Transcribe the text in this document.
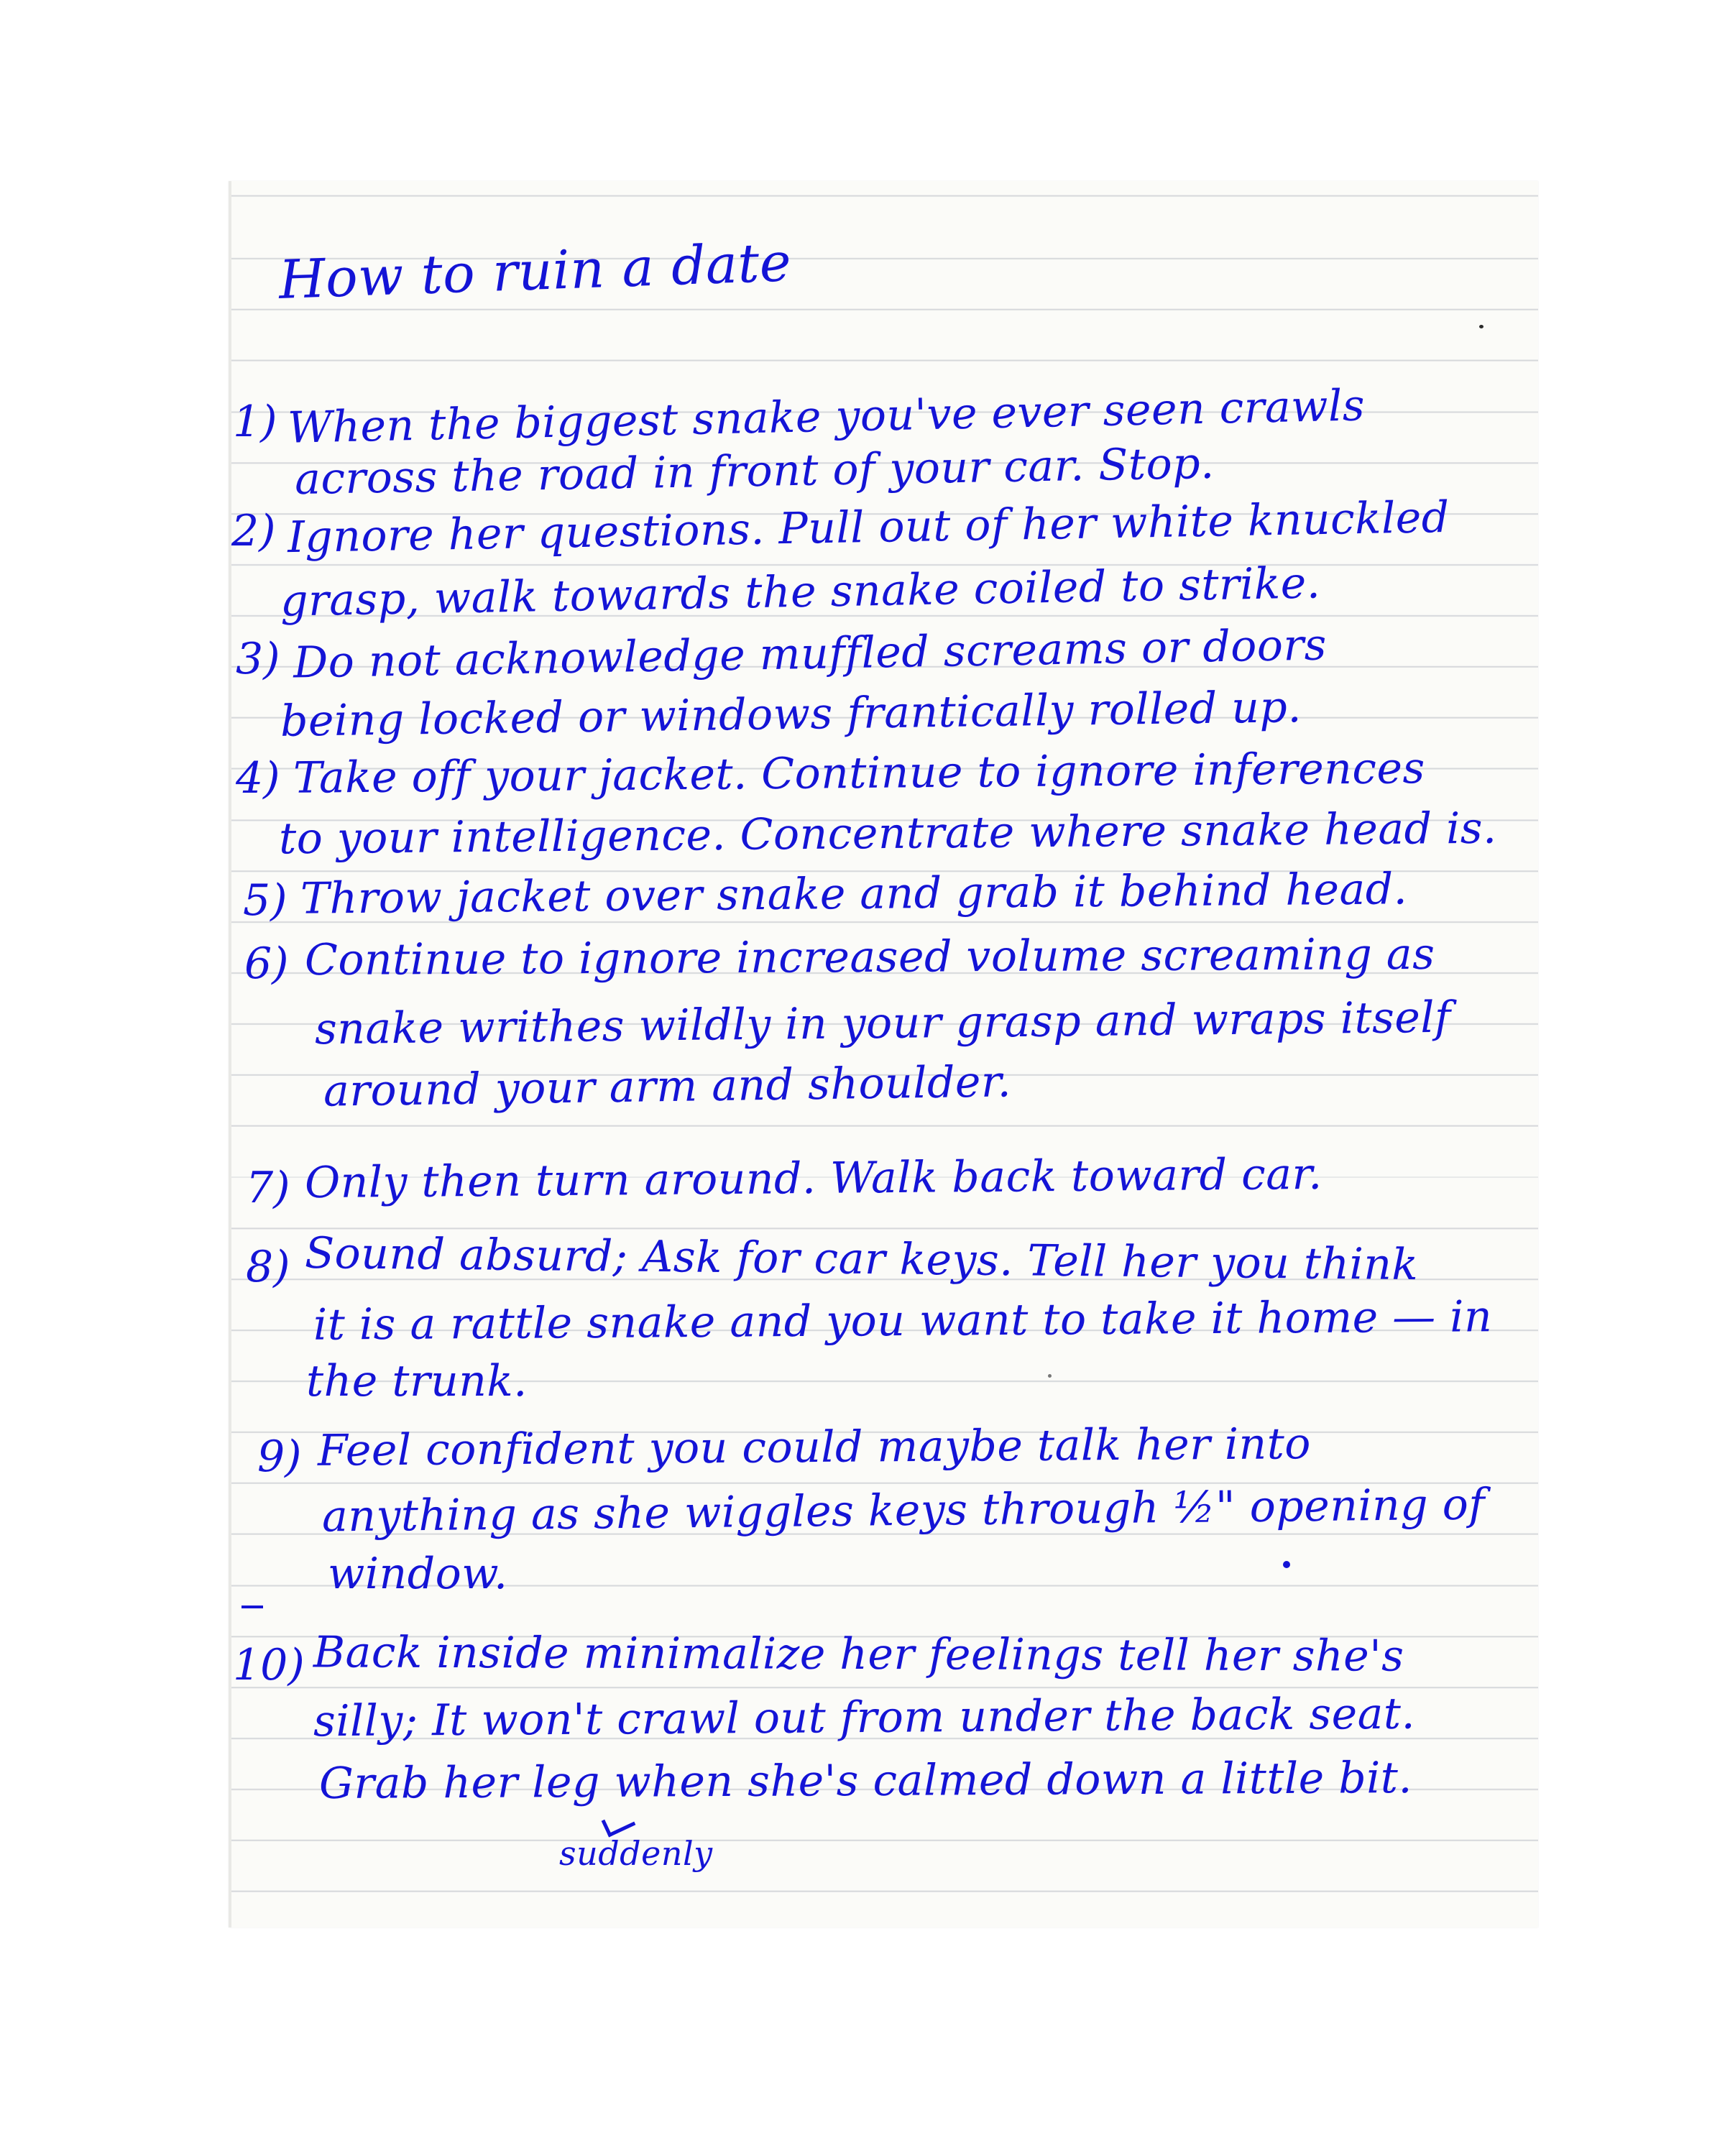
How to ruin a date
1) When the biggest snake you've ever seen crawls
across the road in front of your car. Stop.
2) Ignore her questions. Pull out of her white knuckled
grasp, walk towards the snake coiled to strike.
3) Do not acknowledge muffled screams or doors
being locked or windows frantically rolled up.
4) Take off your jacket. Continue to ignore inferences
to your intelligence. Concentrate where snake head is.
5) Throw jacket over snake and grab it behind head.
6) Continue to ignore increased volume screaming as
snake writhes wildly in your grasp and wraps itself
around your arm and shoulder.
7) Only then turn around. Walk back toward car.
8) Sound absurd; Ask for car keys. Tell her you think
it is a rattle snake and you want to take it home — in
the trunk.
9) Feel confident you could maybe talk her into
anything as she wiggles keys through ½" opening of
window.
10) Back inside minimalize her feelings tell her she's
silly; It won't crawl out from under the back seat.
Grab her leg when she's calmed down a little bit.
suddenly
